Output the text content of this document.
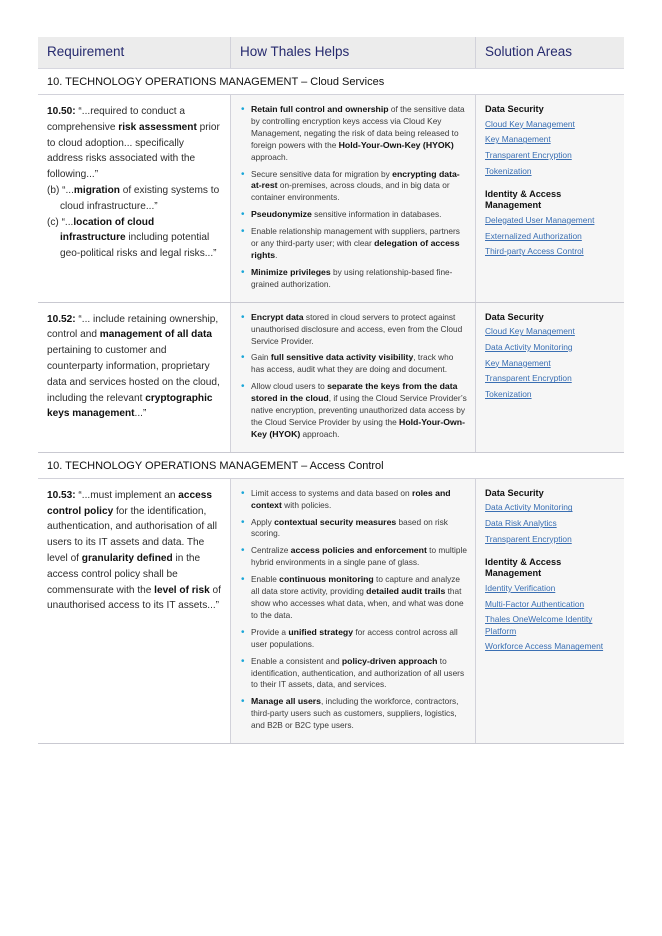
Requirement	How Thales Helps	Solution Areas
10. TECHNOLOGY OPERATIONS MANAGEMENT – Cloud Services
10.50: “...required to conduct a comprehensive risk assessment prior to cloud adoption... specifically address risks associated with the following...”
(b) “...migration of existing systems to cloud infrastructure...”
(c) “...location of cloud infrastructure including potential geo-political risks and legal risks...”
• Retain full control and ownership of the sensitive data by controlling encryption keys access via Cloud Key Management, negating the risk of data being released to foreign powers with the Hold-Your-Own-Key (HYOK) approach.
• Secure sensitive data for migration by encrypting data-at-rest on-premises, across clouds, and in big data or container environments.
• Pseudonymize sensitive information in databases.
• Enable relationship management with suppliers, partners or any third-party user; with clear delegation of access rights.
• Minimize privileges by using relationship-based fine-grained authorization.
Data Security
Cloud Key Management
Key Management
Transparent Encryption
Tokenization
Identity & Access Management
Delegated User Management
Externalized Authorization
Third-party Access Control
10.52: “... include retaining ownership, control and management of all data pertaining to customer and counterparty information, proprietary data and services hosted on the cloud, including the relevant cryptographic keys management...”
• Encrypt data stored in cloud servers to protect against unauthorised disclosure and access, even from the Cloud Service Provider.
• Gain full sensitive data activity visibility, track who has access, audit what they are doing and document.
• Allow cloud users to separate the keys from the data stored in the cloud, if using the Cloud Service Provider’s native encryption, preventing unauthorized data access by the Cloud Service Provider by using the Hold-Your-Own-Key (HYOK) approach.
Data Security
Cloud Key Management
Data Activity Monitoring
Key Management
Transparent Encryption
Tokenization
10. TECHNOLOGY OPERATIONS MANAGEMENT – Access Control
10.53: “...must implement an access control policy for the identification, authentication, and authorisation of all users to its IT assets and data. The level of granularity defined in the access control policy shall be commensurate with the level of risk of unauthorised access to its IT assets...”
• Limit access to systems and data based on roles and context with policies.
• Apply contextual security measures based on risk scoring.
• Centralize access policies and enforcement to multiple hybrid environments in a single pane of glass.
• Enable continuous monitoring to capture and analyze all data store activity, providing detailed audit trails that show who accesses what data, when, and what was done to the data.
• Provide a unified strategy for access control across all user populations.
• Enable a consistent and policy-driven approach to identification, authentication, and authorization of all users to their IT assets, data, and services.
• Manage all users, including the workforce, contractors, third-party users such as customers, suppliers, logistics, and B2B or B2C type users.
Data Security
Data Activity Monitoring
Data Risk Analytics
Transparent Encryption
Identity & Access Management
Identity Verification
Multi-Factor Authentication
Thales OneWelcome Identity Platform
Workforce Access Management
